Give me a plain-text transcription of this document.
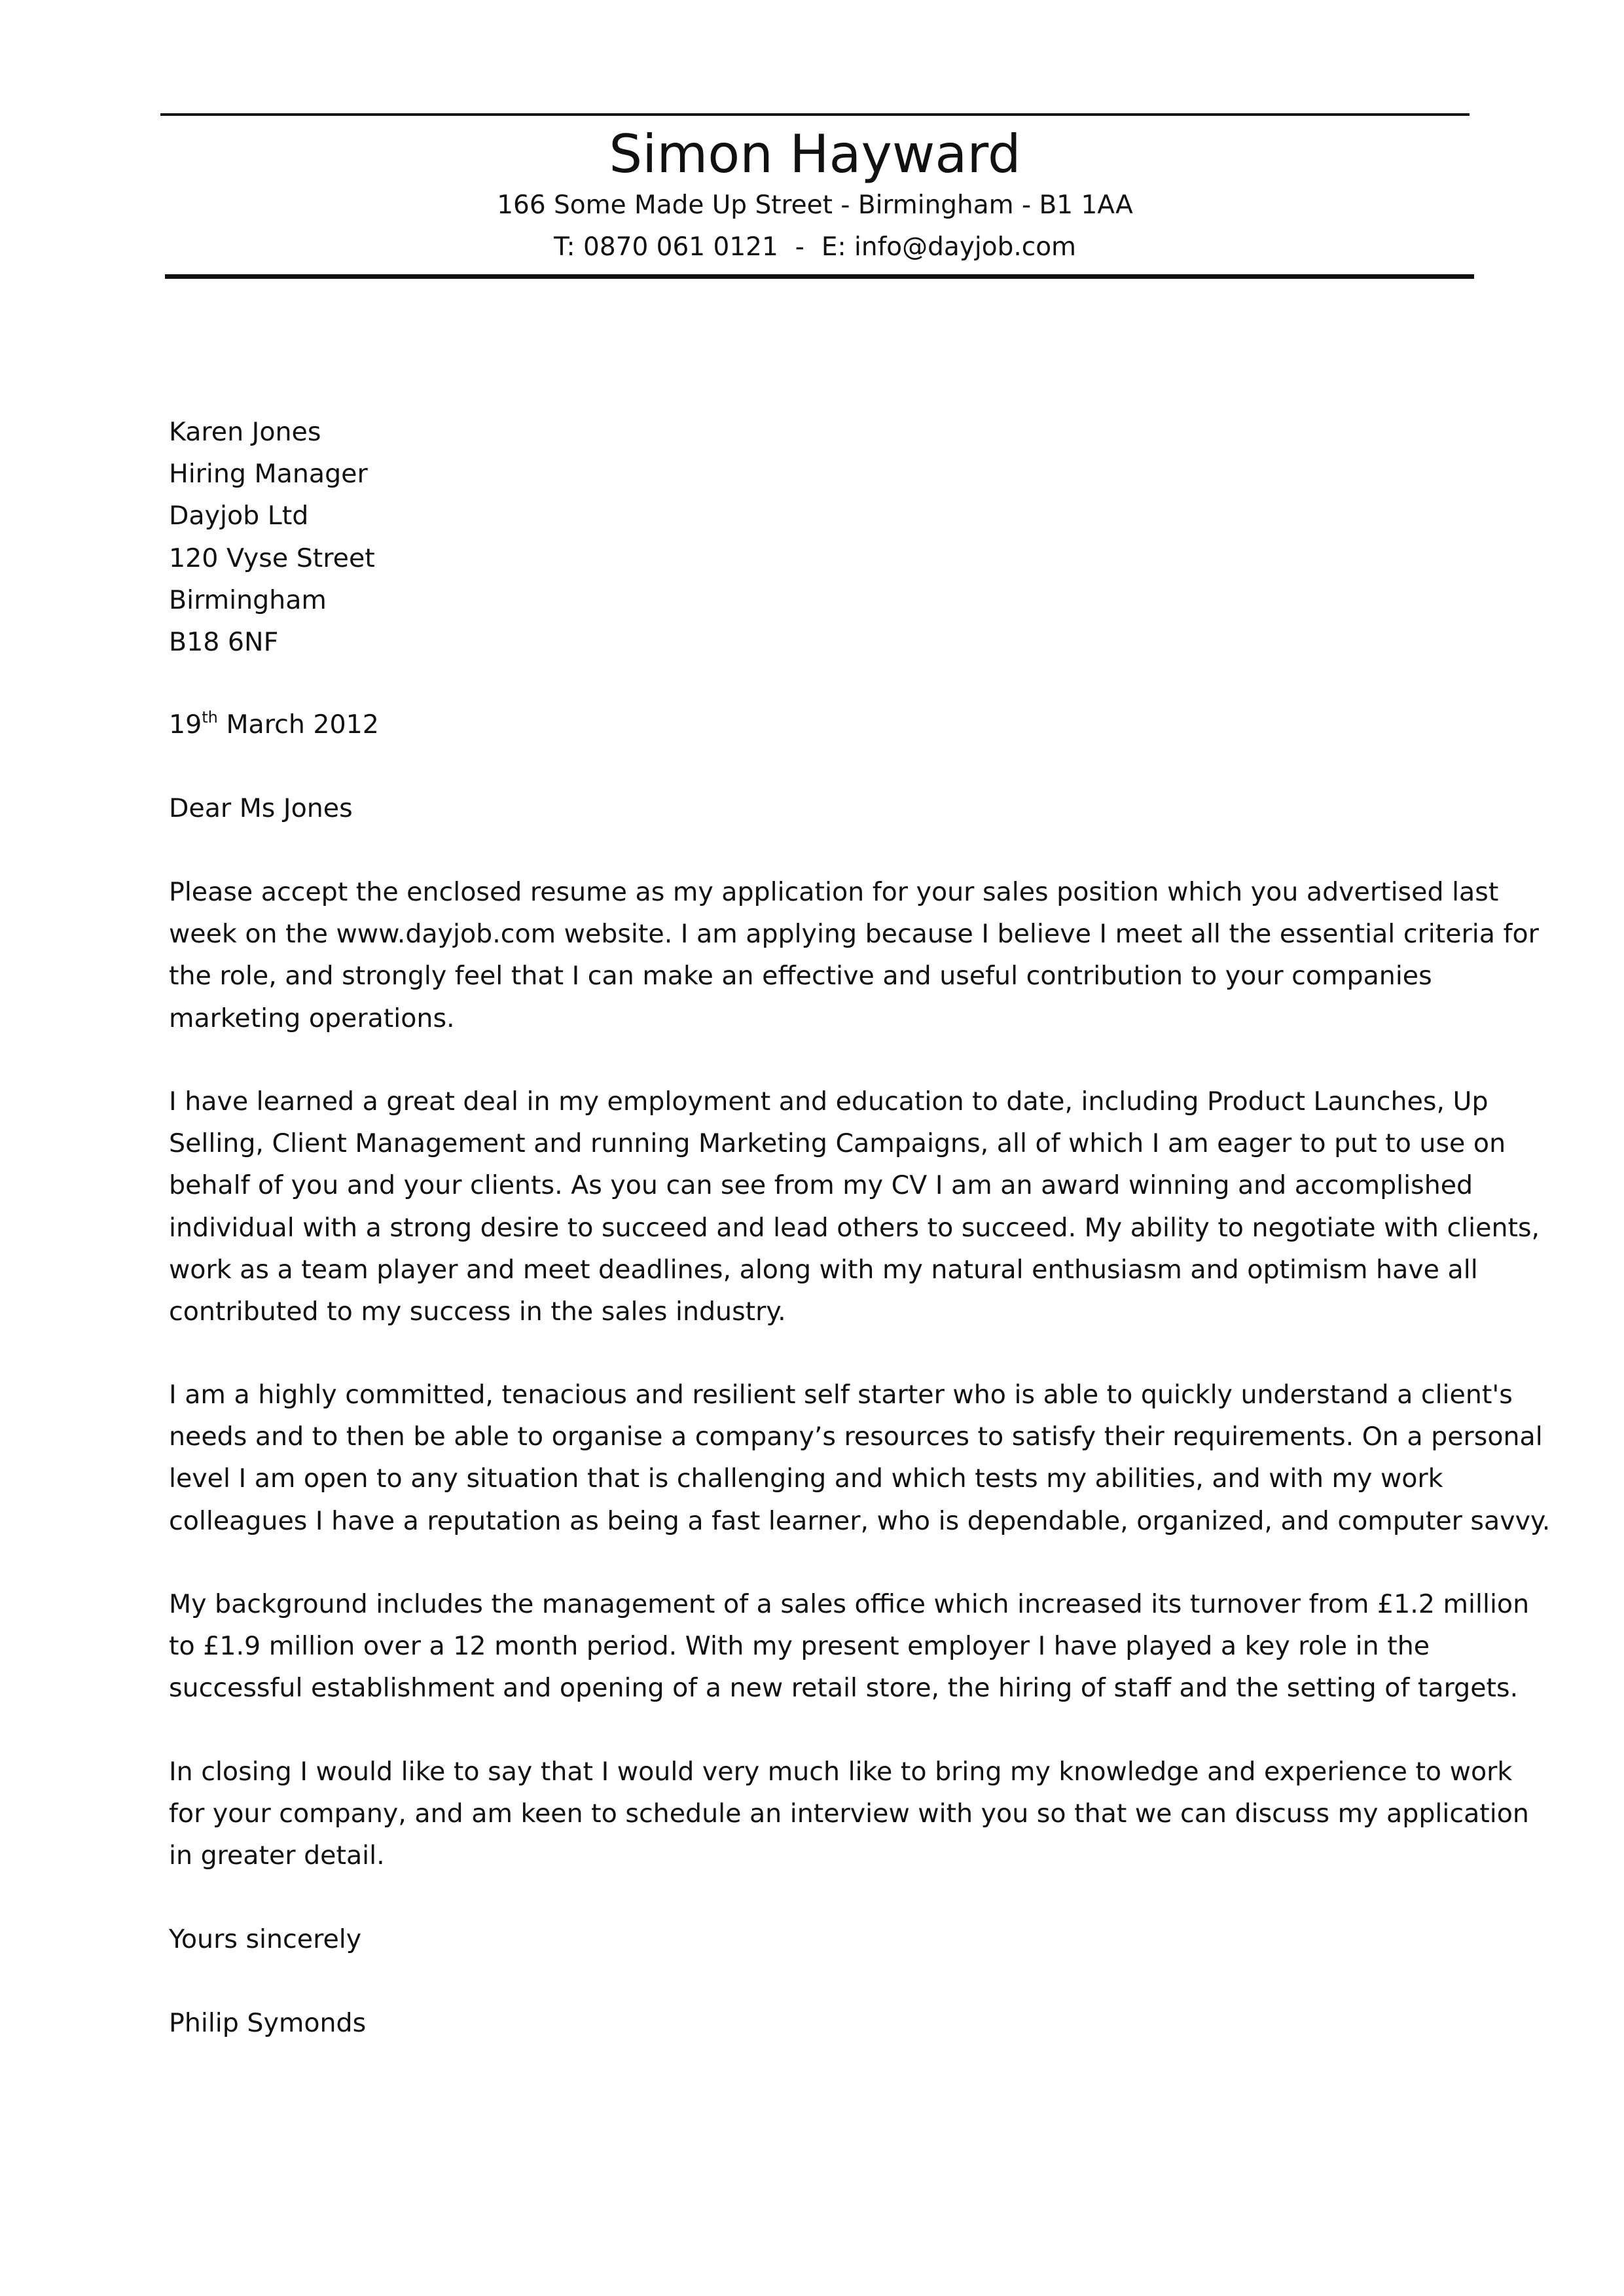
Simon Hayward
166 Some Made Up Street - Birmingham - B1 1AA
T: 0870 061 0121 - E: info@dayjob.com
Karen Jones
Hiring Manager
Dayjob Ltd
120 Vyse Street
Birmingham
B18 6NF
19th March 2012
Dear Ms Jones
Please accept the enclosed resume as my application for your sales position which you advertised last
week on the www.dayjob.com website. I am applying because I believe I meet all the essential criteria for
the role, and strongly feel that I can make an effective and useful contribution to your companies
marketing operations.
I have learned a great deal in my employment and education to date, including Product Launches, Up
Selling, Client Management and running Marketing Campaigns, all of which I am eager to put to use on
behalf of you and your clients. As you can see from my CV I am an award winning and accomplished
individual with a strong desire to succeed and lead others to succeed. My ability to negotiate with clients,
work as a team player and meet deadlines, along with my natural enthusiasm and optimism have all
contributed to my success in the sales industry.
I am a highly committed, tenacious and resilient self starter who is able to quickly understand a client's
needs and to then be able to organise a company’s resources to satisfy their requirements. On a personal
level I am open to any situation that is challenging and which tests my abilities, and with my work
colleagues I have a reputation as being a fast learner, who is dependable, organized, and computer savvy.
My background includes the management of a sales office which increased its turnover from £1.2 million
to £1.9 million over a 12 month period. With my present employer I have played a key role in the
successful establishment and opening of a new retail store, the hiring of staff and the setting of targets.
In closing I would like to say that I would very much like to bring my knowledge and experience to work
for your company, and am keen to schedule an interview with you so that we can discuss my application
in greater detail.
Yours sincerely
Philip Symonds
